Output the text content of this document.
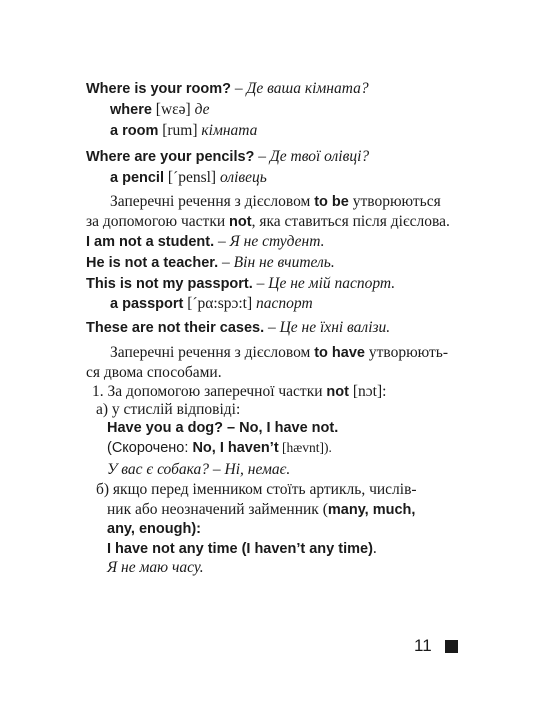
Where is your room? – Де ваша кімната?
where [wεə] де
a room [rum] кімната
Where are your pencils? – Де твої олівці?
a pencil [´pensl] олівець
Заперечні речення з дієсловом to be утворюються
за допомогою частки not, яка ставиться після дієслова.
I am not a student. – Я не студент.
He is not a teacher. – Він не вчитель.
This is not my passport. – Це не мій паспорт.
a passport [´pα:spɔ:t] паспорт
These are not their cases. – Це не їхні валізи.
Заперечні речення з дієсловом to have утворюють-
ся двома способами.
1. За допомогою заперечної частки not [nɔt]:
а) у стислій відповіді:
Have you a dog? – No, I have not.
(Скорочено: No, I haven’t [hævnt]).
У вас є собака? – Ні, немає.
б) якщо перед іменником стоїть артикль, числів-
ник або неозначений займенник (many, much,
any, enough):
I have not any time (I haven’t any time).
Я не маю часу.
11
